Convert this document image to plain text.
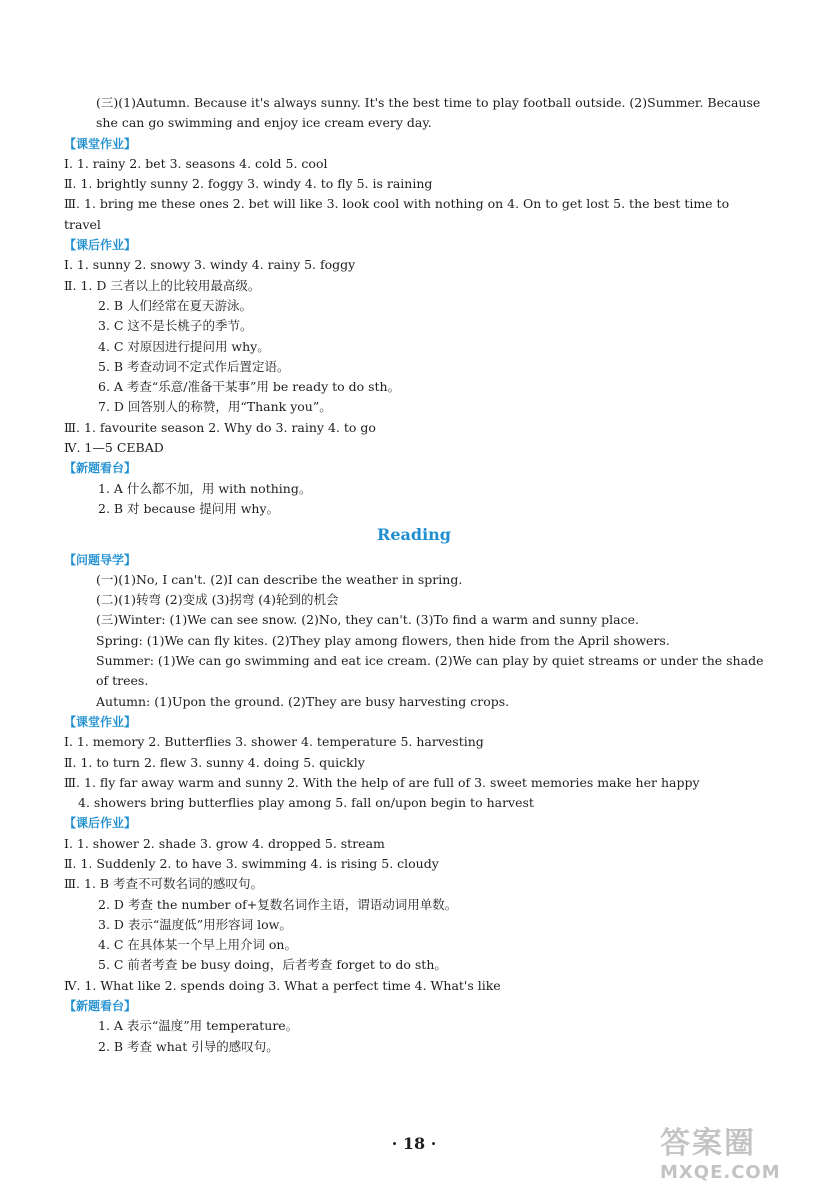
(三)(1)Autumn. Because it's always sunny. It's the best time to play football outside. (2)Summer. Because she can go swimming and enjoy ice cream every day.
【课堂作业】
Ⅰ. 1. rainy 2. bet 3. seasons 4. cold 5. cool
Ⅱ. 1. brightly sunny 2. foggy 3. windy 4. to fly 5. is raining
Ⅲ. 1. bring me these ones 2. bet will like 3. look cool with nothing on 4. On to get lost 5. the best time to travel
【课后作业】
Ⅰ. 1. sunny 2. snowy 3. windy 4. rainy 5. foggy
Ⅱ. 1. D 三者以上的比较用最高级。
2. B 人们经常在夏天游泳。
3. C 这不是长桃子的季节。
4. C 对原因进行提问用 why。
5. B 考查动词不定式作后置定语。
6. A 考查“乐意/准备干某事”用 be ready to do sth。
7. D 回答别人的称赞，用“Thank you”。
Ⅲ. 1. favourite season 2. Why do 3. rainy 4. to go
Ⅳ. 1—5 CEBAD
【新题看台】
1. A 什么都不加，用 with nothing。
2. B 对 because 提问用 why。
Reading
【问题导学】
(一)(1)No, I can't. (2)I can describe the weather in spring.
(二)(1)转弯 (2)变成 (3)拐弯 (4)轮到的机会
(三)Winter: (1)We can see snow. (2)No, they can't. (3)To find a warm and sunny place.
Spring: (1)We can fly kites. (2)They play among flowers, then hide from the April showers.
Summer: (1)We can go swimming and eat ice cream. (2)We can play by quiet streams or under the shade of trees.
Autumn: (1)Upon the ground. (2)They are busy harvesting crops.
【课堂作业】
Ⅰ. 1. memory 2. Butterflies 3. shower 4. temperature 5. harvesting
Ⅱ. 1. to turn 2. flew 3. sunny 4. doing 5. quickly
Ⅲ. 1. fly far away warm and sunny 2. With the help of are full of 3. sweet memories make her happy
4. showers bring butterflies play among 5. fall on/upon begin to harvest
【课后作业】
Ⅰ. 1. shower 2. shade 3. grow 4. dropped 5. stream
Ⅱ. 1. Suddenly 2. to have 3. swimming 4. is rising 5. cloudy
Ⅲ. 1. B 考查不可数名词的感叹句。
2. D 考查 the number of+复数名词作主语，谓语动词用单数。
3. D 表示“温度低”用形容词 low。
4. C 在具体某一个早上用介词 on。
5. C 前者考查 be busy doing，后者考查 forget to do sth。
Ⅳ. 1. What like 2. spends doing 3. What a perfect time 4. What's like
【新题看台】
1. A 表示“温度”用 temperature。
2. B 考查 what 引导的感叹句。
· 18 ·	答案圈
MXQE.COM
